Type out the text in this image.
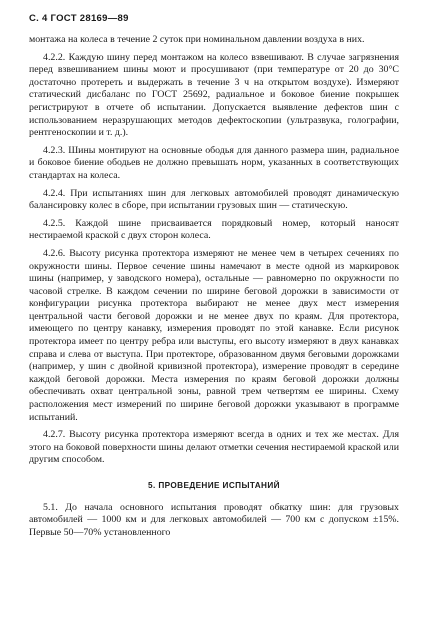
С. 4 ГОСТ 28169—89

монтажа на колеса в течение 2 суток при номинальном давлении воздуха в них.

4.2.2. Каждую шину перед монтажом на колесо взвешивают. В случае загрязнения перед взвешиванием шины моют и просушивают (при температуре от 20 до 30°С достаточно протереть и выдержать в течение 3 ч на открытом воздухе). Измеряют статический дисбаланс по ГОСТ 25692, радиальное и боковое биение покрышек регистрируют в отчете об испытании. Допускается выявление дефектов шин с использованием неразрушающих методов дефектоскопии (ультразвука, голографии, рентгеноскопии и т. д.).

4.2.3. Шины монтируют на основные ободья для данного размера шин, радиальное и боковое биение ободьев не должно превышать норм, указанных в соответствующих стандартах на колеса.

4.2.4. При испытаниях шин для легковых автомобилей проводят динамическую балансировку колес в сборе, при испытании грузовых шин — статическую.

4.2.5. Каждой шине присваивается порядковый номер, который наносят нестираемой краской с двух сторон колеса.

4.2.6. Высоту рисунка протектора измеряют не менее чем в четырех сечениях по окружности шины. Первое сечение шины намечают в месте одной из маркировок шины (например, у заводского номера), остальные — равномерно по окружности по часовой стрелке. В каждом сечении по ширине беговой дорожки в зависимости от конфигурации рисунка протектора выбирают не менее двух мест измерения центральной части беговой дорожки и не менее двух по краям. Для протектора, имеющего по центру канавку, измерения проводят по этой канавке. Если рисунок протектора имеет по центру ребра или выступы, его высоту измеряют в двух канавках справа и слева от выступа. При протекторе, образованном двумя беговыми дорожками (например, у шин с двойной кривизной протектора), измерение проводят в середине каждой беговой дорожки. Места измерения по краям беговой дорожки должны обеспечивать охват центральной зоны, равной трем четвертям ее ширины. Схему расположения мест измерений по ширине беговой дорожки указывают в программе испытаний.

4.2.7. Высоту рисунка протектора измеряют всегда в одних и тех же местах. Для этого на боковой поверхности шины делают отметки сечения нестираемой краской или другим способом.

5. ПРОВЕДЕНИЕ ИСПЫТАНИЙ

5.1. До начала основного испытания проводят обкатку шин: для грузовых автомобилей — 1000 км и для легковых автомобилей — 700 км с допуском ±15%. Первые 50—70% установленного
